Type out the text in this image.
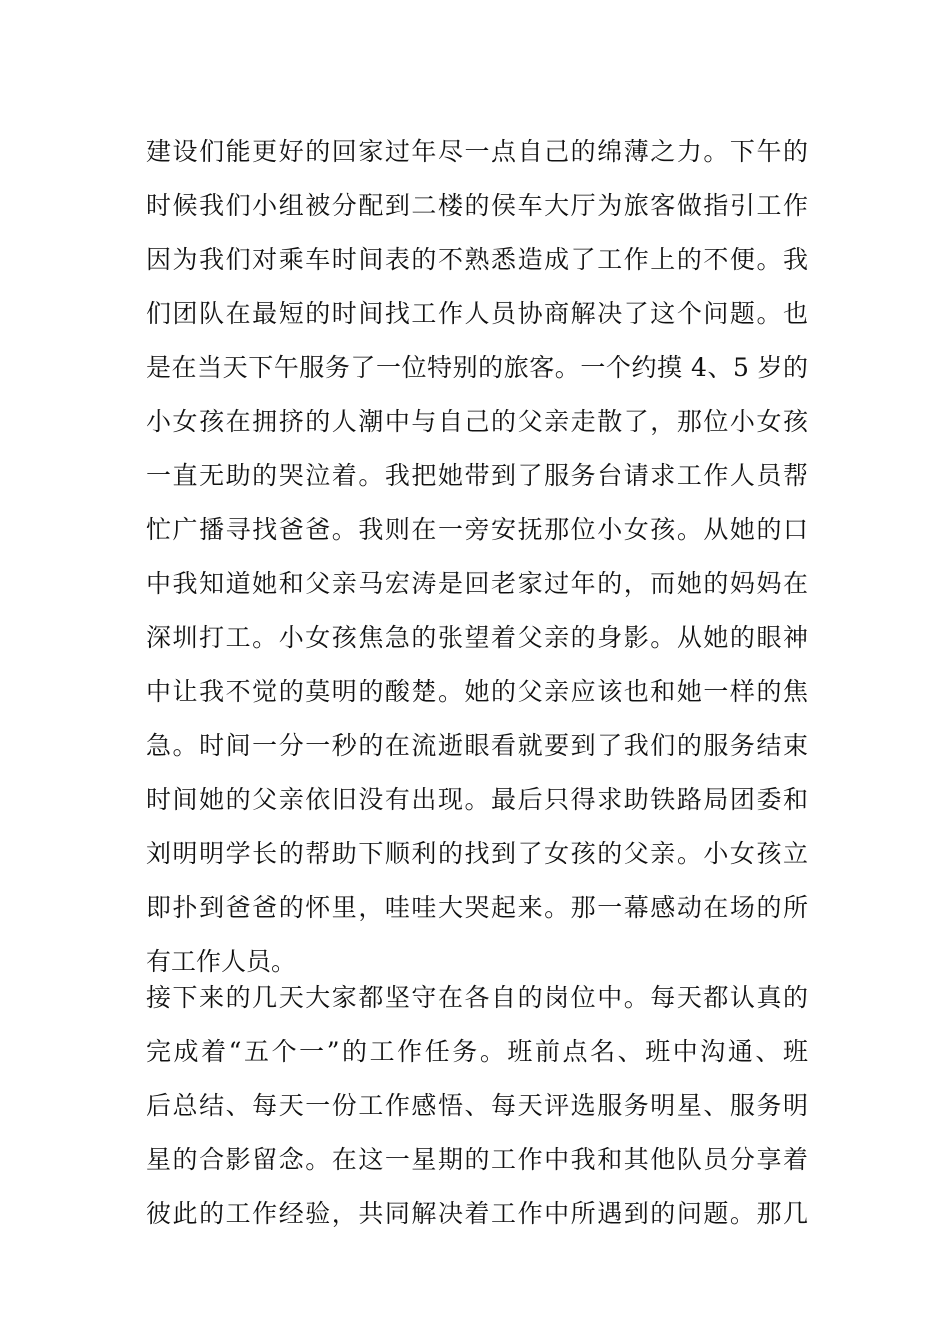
建设们能更好的回家过年尽一点自己的绵薄之力。下午的
时候我们小组被分配到二楼的侯车大厅为旅客做指引工作
因为我们对乘车时间表的不熟悉造成了工作上的不便。我
们团队在最短的时间找工作人员协商解决了这个问题。也
是在当天下午服务了一位特别的旅客。一个约摸 4、5 岁的
小女孩在拥挤的人潮中与自己的父亲走散了，那位小女孩
一直无助的哭泣着。我把她带到了服务台请求工作人员帮
忙广播寻找爸爸。我则在一旁安抚那位小女孩。从她的口
中我知道她和父亲马宏涛是回老家过年的，而她的妈妈在
深圳打工。小女孩焦急的张望着父亲的身影。从她的眼神
中让我不觉的莫明的酸楚。她的父亲应该也和她一样的焦
急。时间一分一秒的在流逝眼看就要到了我们的服务结束
时间她的父亲依旧没有出现。最后只得求助铁路局团委和
刘明明学长的帮助下顺利的找到了女孩的父亲。小女孩立
即扑到爸爸的怀里，哇哇大哭起来。那一幕感动在场的所
有工作人员。
接下来的几天大家都坚守在各自的岗位中。每天都认真的
完成着“五个一”的工作任务。班前点名、班中沟通、班
后总结、每天一份工作感悟、每天评选服务明星、服务明
星的合影留念。在这一星期的工作中我和其他队员分享着
彼此的工作经验，共同解决着工作中所遇到的问题。那几
